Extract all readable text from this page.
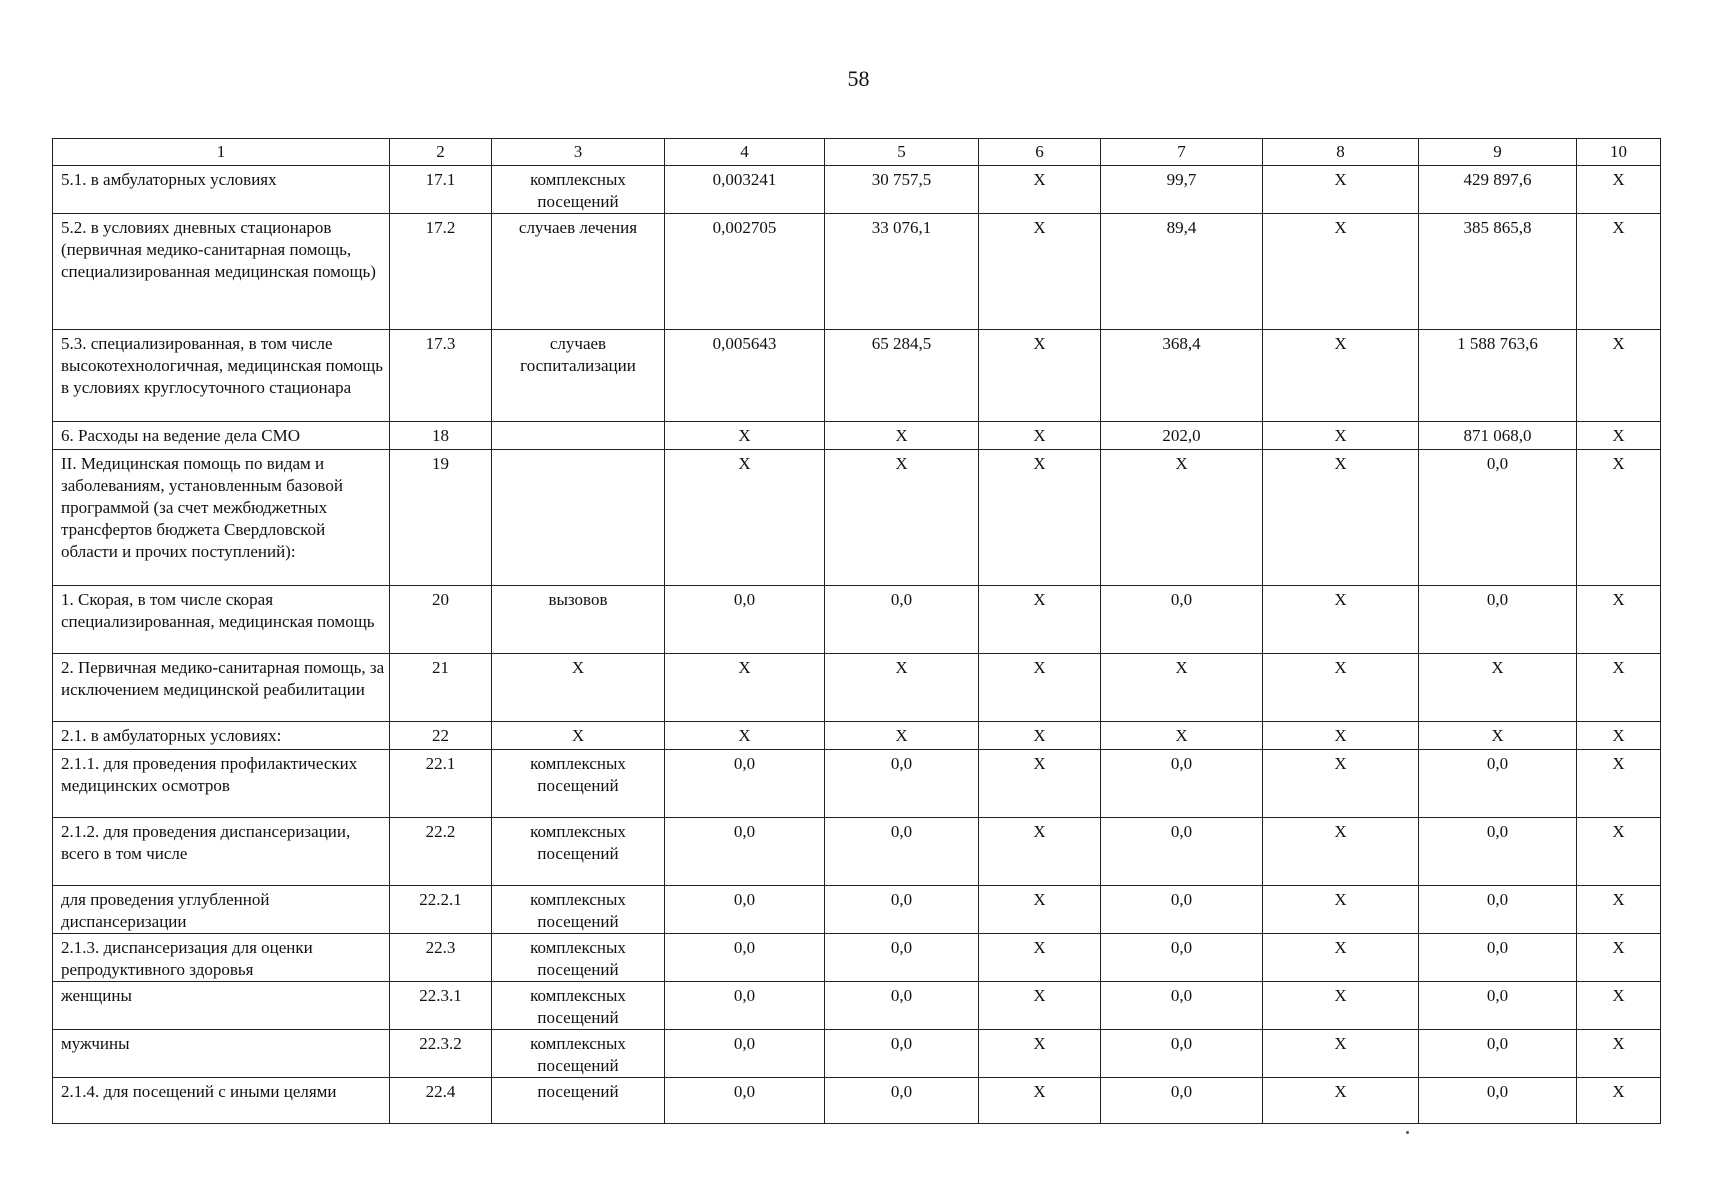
58
1	2	3	4	5	6	7	8	9	10
5.1. в амбулаторных условиях	17.1	комплексных посещений	0,003241	30 757,5	X	99,7	X	429 897,6	X
5.2. в условиях дневных стационаров (первичная медико-санитарная помощь, специализированная медицинская помощь)	17.2	случаев лечения	0,002705	33 076,1	X	89,4	X	385 865,8	X
5.3. специализированная, в том числе высокотехнологичная, медицинская помощь в условиях круглосуточного стационара	17.3	случаев госпитализации	0,005643	65 284,5	X	368,4	X	1 588 763,6	X
6. Расходы на ведение дела СМО	18		X	X	X	202,0	X	871 068,0	X
II. Медицинская помощь по видам и заболеваниям, установленным базовой программой (за счет межбюджетных трансфертов бюджета Свердловской области и прочих поступлений):	19		X	X	X	X	X	0,0	X
1. Скорая, в том числе скорая специализированная, медицинская помощь	20	вызовов	0,0	0,0	X	0,0	X	0,0	X
2. Первичная медико-санитарная помощь, за исключением медицинской реабилитации	21	X	X	X	X	X	X	X	X
2.1. в амбулаторных условиях:	22	X	X	X	X	X	X	X	X
2.1.1. для проведения профилактических медицинских осмотров	22.1	комплексных посещений	0,0	0,0	X	0,0	X	0,0	X
2.1.2. для проведения диспансеризации, всего в том числе	22.2	комплексных посещений	0,0	0,0	X	0,0	X	0,0	X
для проведения углубленной диспансеризации	22.2.1	комплексных посещений	0,0	0,0	X	0,0	X	0,0	X
2.1.3. диспансеризация для оценки репродуктивного здоровья	22.3	комплексных посещений	0,0	0,0	X	0,0	X	0,0	X
женщины	22.3.1	комплексных посещений	0,0	0,0	X	0,0	X	0,0	X
мужчины	22.3.2	комплексных посещений	0,0	0,0	X	0,0	X	0,0	X
2.1.4. для посещений с иными целями	22.4	посещений	0,0	0,0	X	0,0	X	0,0	X
